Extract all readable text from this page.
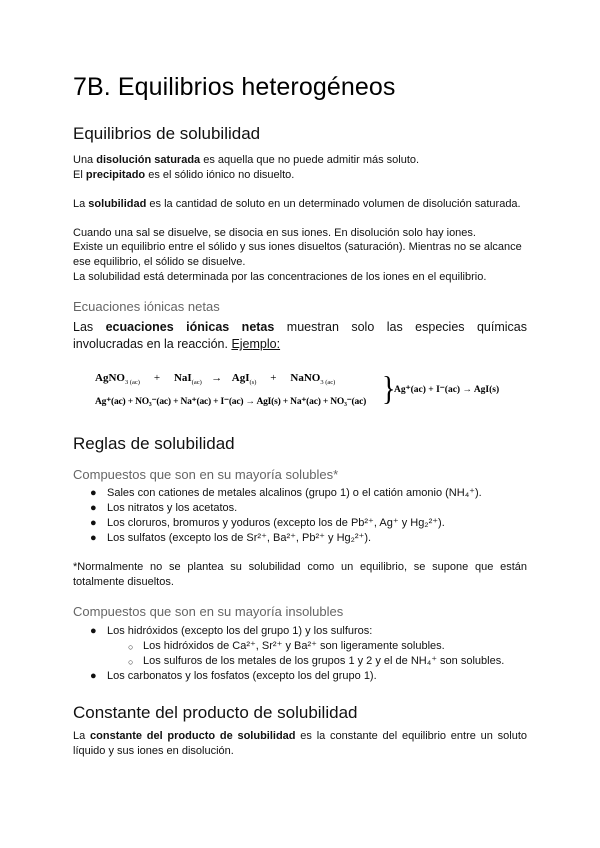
7B. Equilibrios heterogéneos
Equilibrios de solubilidad

Una disolución saturada es aquella que no puede admitir más soluto.

El precipitado es el sólido iónico no disuelto.

La solubilidad es la cantidad de soluto en un determinado volumen de disolución saturada.

Cuando una sal se disuelve, se disocia en sus iones. En disolución solo hay iones.

Existe un equilibrio entre el sólido y sus iones disueltos (saturación). Mientras no se alcance ese equilibrio, el sólido se disuelve.

La solubilidad está determinada por las concentraciones de los iones en el equilibrio.

Ecuaciones iónicas netas

Las ecuaciones iónicas netas muestran solo las especies químicas involucradas en la reacción. Ejemplo:

AgNO$_{3 (ac)}$ + NaI$_{(ac)}$ → AgI$_{(s)}$ + NaNO$_{3 (ac)}$
Ag⁺(ac) + NO₃⁻(ac) + Na⁺(ac) + I⁻(ac) → AgI(s) + Na⁺(ac) + NO₃⁻(ac) }
Ag⁺(ac) + I⁻(ac) → AgI(s)
Reglas de solubilidad
Compuestos que son en su mayoría solubles*
● Sales con cationes de metales alcalinos (grupo 1) o el catión amonio (NH₄⁺).
● Los nitratos y los acetatos.
● Los cloruros, bromuros y yoduros (excepto los de Pb²⁺, Ag⁺ y Hg₂²⁺).
● Los sulfatos (excepto los de Sr²⁺, Ba²⁺, Pb²⁺ y Hg₂²⁺).

*Normalmente no se plantea su solubilidad como un equilibrio, se supone que están totalmente disueltos.

Compuestos que son en su mayoría insolubles
● Los hidróxidos (excepto los del grupo 1) y los sulfuros:
○ Los hidróxidos de Ca²⁺, Sr²⁺ y Ba²⁺ son ligeramente solubles.
○ Los sulfuros de los metales de los grupos 1 y 2 y el de NH₄⁺ son solubles.
● Los carbonatos y los fosfatos (excepto los del grupo 1).
Constante del producto de solubilidad

La constante del producto de solubilidad es la constante del equilibrio entre un soluto líquido y sus iones en disolución.
